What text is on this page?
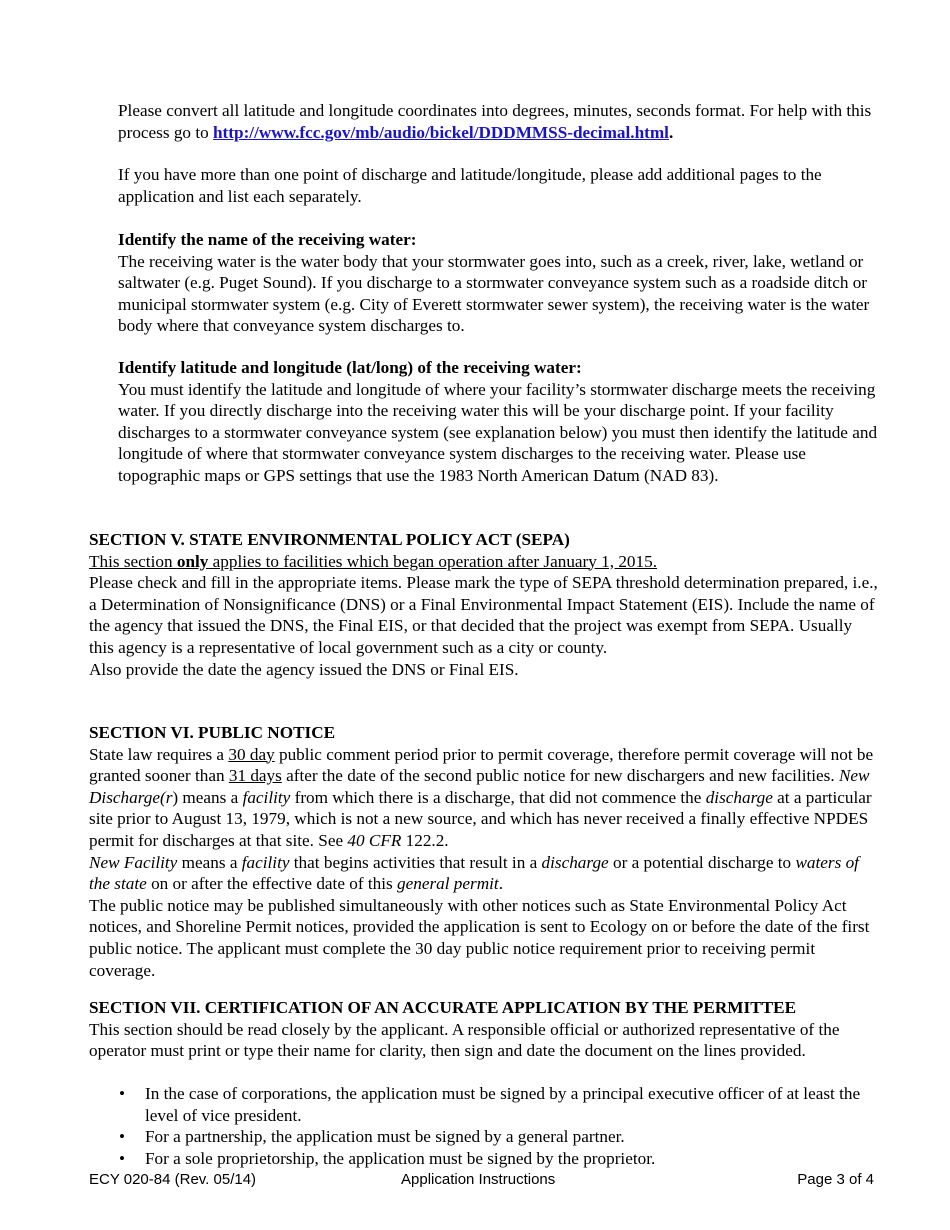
Please convert all latitude and longitude coordinates into degrees, minutes, seconds format. For help with this process go to http://www.fcc.gov/mb/audio/bickel/DDDMMSS-decimal.html.

If you have more than one point of discharge and latitude/longitude, please add additional pages to the application and list each separately.

Identify the name of the receiving water:

The receiving water is the water body that your stormwater goes into, such as a creek, river, lake, wetland or saltwater (e.g. Puget Sound). If you discharge to a stormwater conveyance system such as a roadside ditch or municipal stormwater system (e.g. City of Everett stormwater sewer system), the receiving water is the water body where that conveyance system discharges to.

Identify latitude and longitude (lat/long) of the receiving water:

You must identify the latitude and longitude of where your facility’s stormwater discharge meets the receiving water. If you directly discharge into the receiving water this will be your discharge point. If your facility discharges to a stormwater conveyance system (see explanation below) you must then identify the latitude and longitude of where that stormwater conveyance system discharges to the receiving water. Please use topographic maps or GPS settings that use the 1983 North American Datum (NAD 83).

SECTION V. STATE ENVIRONMENTAL POLICY ACT (SEPA)

This section only applies to facilities which began operation after January 1, 2015.

Please check and fill in the appropriate items. Please mark the type of SEPA threshold determination prepared, i.e., a Determination of Nonsignificance (DNS) or a Final Environmental Impact Statement (EIS). Include the name of the agency that issued the DNS, the Final EIS, or that decided that the project was exempt from SEPA. Usually this agency is a representative of local government such as a city or county.

Also provide the date the agency issued the DNS or Final EIS.

SECTION VI. PUBLIC NOTICE

State law requires a 30 day public comment period prior to permit coverage, therefore permit coverage will not be granted sooner than 31 days after the date of the second public notice for new dischargers and new facilities. New Discharge(r) means a facility from which there is a discharge, that did not commence the discharge at a particular site prior to August 13, 1979, which is not a new source, and which has never received a finally effective NPDES permit for discharges at that site. See 40 CFR 122.2.

New Facility means a facility that begins activities that result in a discharge or a potential discharge to waters of the state on or after the effective date of this general permit.

The public notice may be published simultaneously with other notices such as State Environmental Policy Act notices, and Shoreline Permit notices, provided the application is sent to Ecology on or before the date of the first public notice. The applicant must complete the 30 day public notice requirement prior to receiving permit coverage.

SECTION VII. CERTIFICATION OF AN ACCURATE APPLICATION BY THE PERMITTEE

This section should be read closely by the applicant. A responsible official or authorized representative of the operator must print or type their name for clarity, then sign and date the document on the lines provided.

• In the case of corporations, the application must be signed by a principal executive officer of at least the level of vice president.
• For a partnership, the application must be signed by a general partner.
• For a sole proprietorship, the application must be signed by the proprietor.
ECY 020-84 (Rev. 05/14)	Application Instructions	Page 3 of 4
